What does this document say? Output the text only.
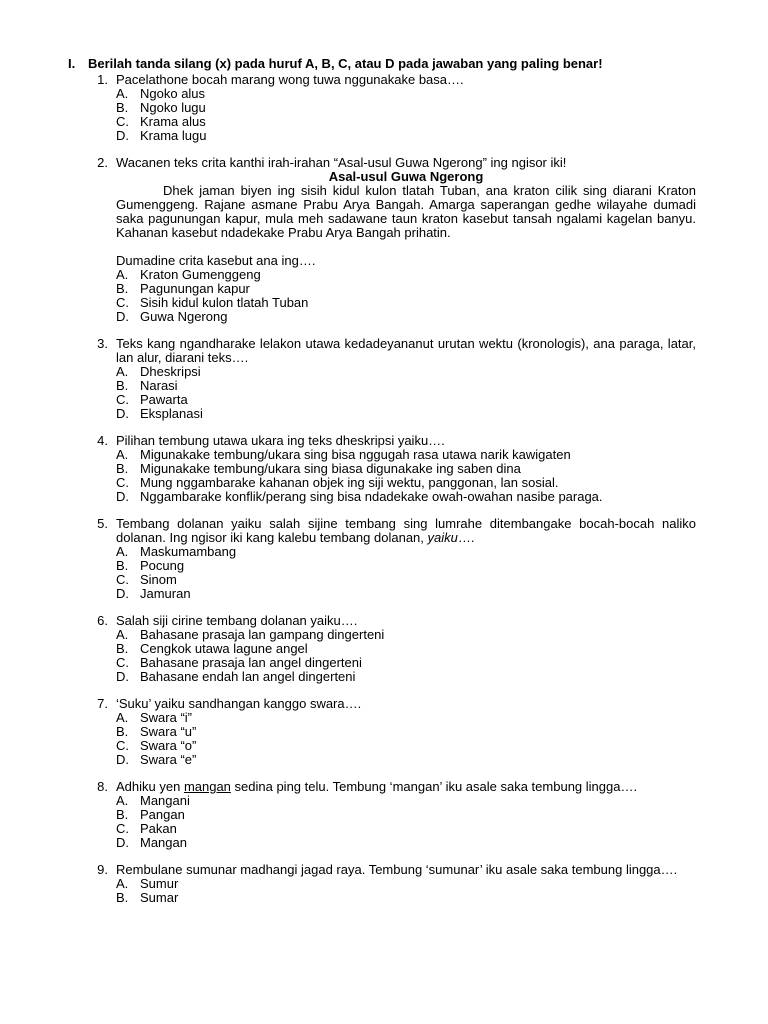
I. Berilah tanda silang (x) pada huruf A, B, C, atau D pada jawaban yang paling benar!
1. Pacelathone bocah marang wong tuwa nggunakake basa….
A. Ngoko alus
B. Ngoko lugu
C. Krama alus
D. Krama lugu
2. Wacanen teks crita kanthi irah-irahan “Asal-usul Guwa Ngerong” ing ngisor iki!
Asal-usul Guwa Ngerong
Dhek jaman biyen ing sisih kidul kulon tlatah Tuban, ana kraton cilik sing diarani Kraton Gumenggeng. Rajane asmane Prabu Arya Bangah. Amarga saperangan gedhe wilayahe dumadi saka pagunungan kapur, mula meh sadawane taun kraton kasebut tansah ngalami kagelan banyu. Kahanan kasebut ndadekake Prabu Arya Bangah prihatin.
Dumadine crita kasebut ana ing….
A. Kraton Gumenggeng
B. Pagunungan kapur
C. Sisih kidul kulon tlatah Tuban
D. Guwa Ngerong
3. Teks kang ngandharake lelakon utawa kedadeyananut urutan wektu (kronologis), ana paraga, latar, lan alur, diarani teks….
A. Dheskripsi
B. Narasi
C. Pawarta
D. Eksplanasi
4. Pilihan tembung utawa ukara ing teks dheskripsi yaiku….
A. Migunakake tembung/ukara sing bisa nggugah rasa utawa narik kawigaten
B. Migunakake tembung/ukara sing biasa digunakake ing saben dina
C. Mung nggambarake kahanan objek ing siji wektu, panggonan, lan sosial.
D. Nggambarake konflik/perang sing bisa ndadekake owah-owahan nasibe paraga.
5. Tembang dolanan yaiku salah sijine tembang sing lumrahe ditembangake bocah-bocah naliko dolanan. Ing ngisor iki kang kalebu tembang dolanan, yaiku….
A. Maskumambang
B. Pocung
C. Sinom
D. Jamuran
6. Salah siji cirine tembang dolanan yaiku….
A. Bahasane prasaja lan gampang dingerteni
B. Cengkok utawa lagune angel
C. Bahasane prasaja lan angel dingerteni
D. Bahasane endah lan angel dingerteni
7. ‘Suku’ yaiku sandhangan kanggo swara….
A. Swara “i”
B. Swara “u”
C. Swara “o”
D. Swara “e”
8. Adhiku yen mangan sedina ping telu. Tembung ‘mangan’ iku asale saka tembung lingga….
A. Mangani
B. Pangan
C. Pakan
D. Mangan
9. Rembulane sumunar madhangi jagad raya. Tembung ‘sumunar’ iku asale saka tembung lingga….
A. Sumur
B. Sumar
